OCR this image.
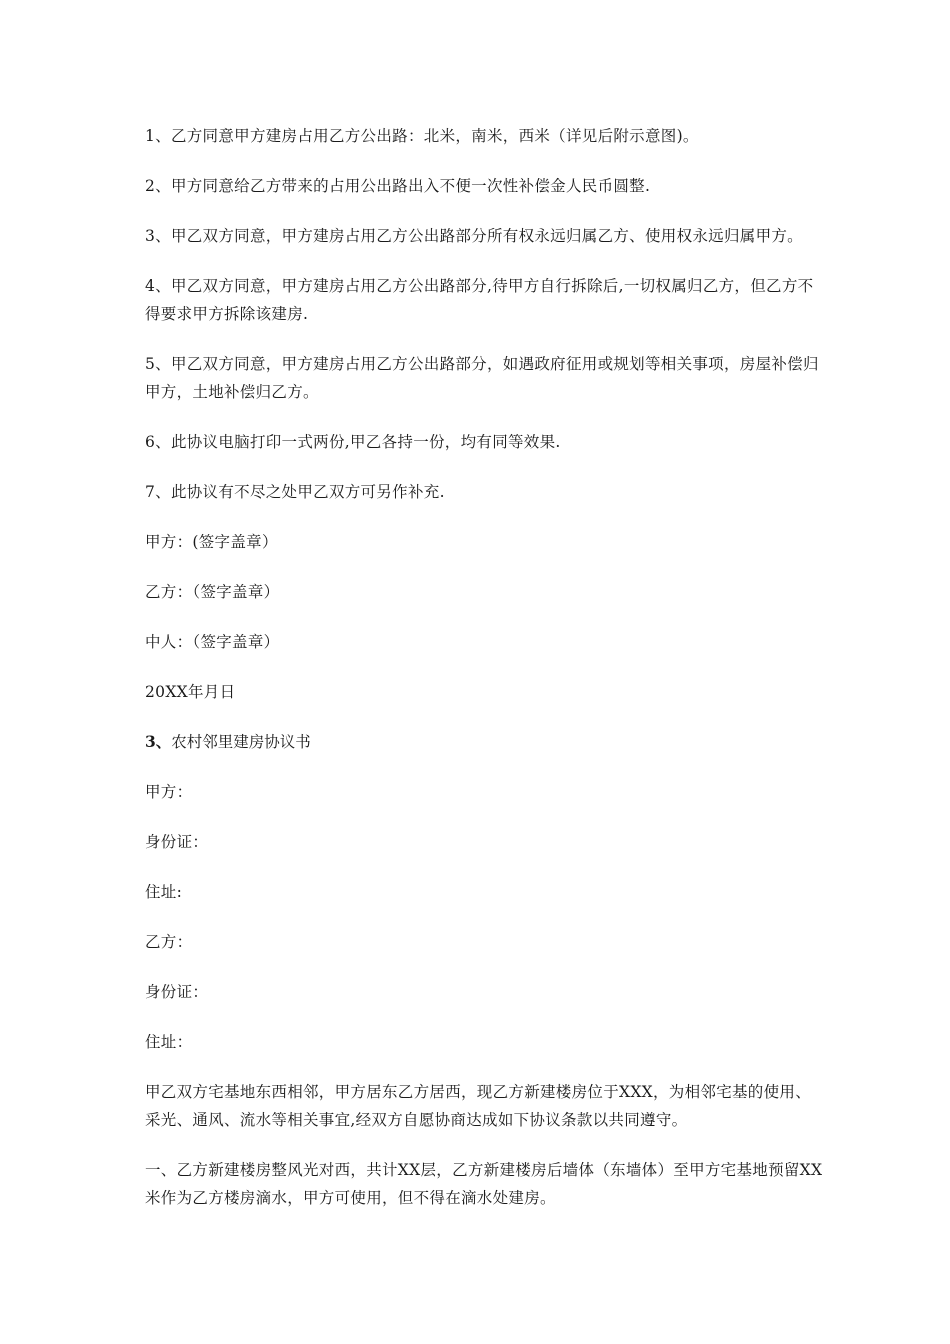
1、乙方同意甲方建房占用乙方公出路：北米，南米，西米（详见后附示意图)。

2、甲方同意给乙方带来的占用公出路出入不便一次性补偿金人民币圆整.

3、甲乙双方同意，甲方建房占用乙方公出路部分所有权永远归属乙方、使用权永远归属甲方。

4、甲乙双方同意，甲方建房占用乙方公出路部分,待甲方自行拆除后,一切权属归乙方，但乙方不得要求甲方拆除该建房.

5、甲乙双方同意，甲方建房占用乙方公出路部分，如遇政府征用或规划等相关事项，房屋补偿归甲方，土地补偿归乙方。

6、此协议电脑打印一式两份,甲乙各持一份，均有同等效果.

7、此协议有不尽之处甲乙双方可另作补充.

甲方：(签字盖章）

乙方：（签字盖章）

中人：（签字盖章）

20XX年月日

3、农村邻里建房协议书

甲方：

身份证：

住址:

乙方：

身份证：

住址：

甲乙双方宅基地东西相邻，甲方居东乙方居西，现乙方新建楼房位于XXX，为相邻宅基的使用、采光、通风、流水等相关事宜,经双方自愿协商达成如下协议条款以共同遵守。

一、乙方新建楼房整风光对西，共计XX层，乙方新建楼房后墙体（东墙体）至甲方宅基地预留XX米作为乙方楼房滴水，甲方可使用，但不得在滴水处建房。
